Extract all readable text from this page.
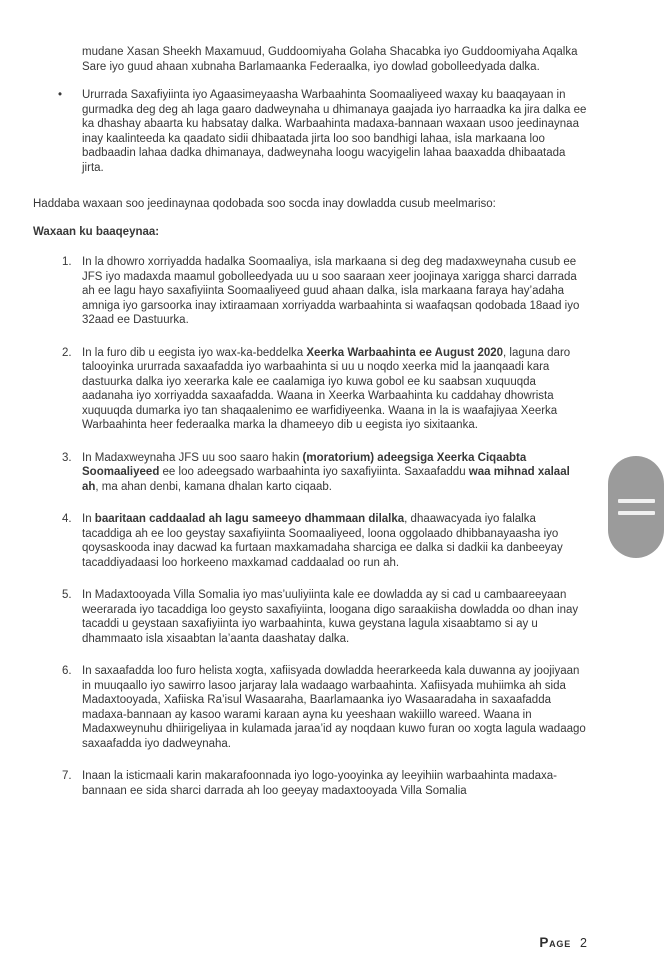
mudane Xasan Sheekh Maxamuud, Guddoomiyaha Golaha Shacabka iyo Guddoomiyaha Aqalka Sare iyo guud ahaan xubnaha Barlamaanka Federaalka, iyo dowlad gobolleedyada dalka.

• Ururrada Saxafiyiinta iyo Agaasimeyaasha Warbaahinta Soomaaliyeed waxay ku baaqayaan in gurmadka deg deg ah laga gaaro dadweynaha u dhimanaya gaajada iyo harraadka ka jira dalka ee ka dhashay abaarta ku habsatay dalka. Warbaahinta madaxa-bannaan waxaan usoo jeedinaynaa inay kaalinteeda ka qaadato sidii dhibaatada jirta loo soo bandhigi lahaa, isla markaana loo badbaadin lahaa dadka dhimanaya, dadweynaha loogu wacyigelin lahaa baaxadda dhibaatada jirta.

Haddaba waxaan soo jeedinaynaa qodobada soo socda inay dowladda cusub meelmariso:

Waxaan ku baaqeynaa:

1. In la dhowro xorriyadda hadalka Soomaaliya, isla markaana si deg deg madaxweynaha cusub ee JFS iyo madaxda maamul gobolleedyada uu u soo saaraan xeer joojinaya xarigga sharci darrada ah ee lagu hayo saxafiyiinta Soomaaliyeed guud ahaan dalka, isla markaana faraya hay’adaha amniga iyo garsoorka inay ixtiraamaan xorriyadda warbaahinta si waafaqsan qodobada 18aad iyo 32aad ee Dastuurka.
2. In la furo dib u eegista iyo wax-ka-beddelka Xeerka Warbaahinta ee August 2020, laguna daro talooyinka ururrada saxaafadda iyo warbaahinta si uu u noqdo xeerka mid la jaanqaadi kara dastuurka dalka iyo xeerarka kale ee caalamiga iyo kuwa gobol ee ku saabsan xuquuqda aadanaha iyo xorriyadda saxaafadda. Waana in Xeerka Warbaahinta ku caddahay dhowrista xuquuqda dumarka iyo tan shaqaalenimo ee warfidiyeenka. Waana in la is waafajiyaa Xeerka Warbaahinta heer federaalka marka la dhameeyo dib u eegista iyo sixitaanka.
3. In Madaxweynaha JFS uu soo saaro hakin (moratorium) adeegsiga Xeerka Ciqaabta Soomaaliyeed ee loo adeegsado warbaahinta iyo saxafiyiinta. Saxaafaddu waa mihnad xalaal ah, ma ahan denbi, kamana dhalan karto ciqaab.
4. In baaritaan caddaalad ah lagu sameeyo dhammaan dilalka, dhaawacyada iyo falalka tacaddiga ah ee loo geystay saxafiyiinta Soomaaliyeed, loona oggolaado dhibbanayaasha iyo qoysaskooda inay dacwad ka furtaan maxkamadaha sharciga ee dalka si dadkii ka danbeeyay tacaddiyadaasi loo horkeeno maxkamad caddaalad oo run ah.
5. In Madaxtooyada Villa Somalia iyo mas’uuliyiinta kale ee dowladda ay si cad u cambaareeyaan weerarada iyo tacaddiga loo geysto saxafiyiinta, loogana digo saraakiisha dowladda oo dhan inay tacaddi u geystaan saxafiyiinta iyo warbaahinta, kuwa geystana lagula xisaabtamo si ay u dhammaato isla xisaabtan la’aanta daashatay dalka.
6. In saxaafadda loo furo helista xogta, xafiisyada dowladda heerarkeeda kala duwanna ay joojiyaan in muuqaallo iyo sawirro lasoo jarjaray lala wadaago warbaahinta. Xafiisyada muhiimka ah sida Madaxtooyada, Xafiiska Ra’isul Wasaaraha, Baarlamaanka iyo Wasaaradaha in saxaafadda madaxa-bannaan ay kasoo warami karaan ayna ku yeeshaan wakiillo wareed. Waana in Madaxweynuhu dhiirigeliyaa in kulamada jaraa’id ay noqdaan kuwo furan oo xogta lagula wadaago saxaafadda iyo dadweynaha.
7. Inaan la isticmaali karin makarafoonnada iyo logo-yooyinka ay leeyihiin warbaahinta madaxa-bannaan ee sida sharci darrada ah loo geeyay madaxtooyada Villa Somalia
Page 2
